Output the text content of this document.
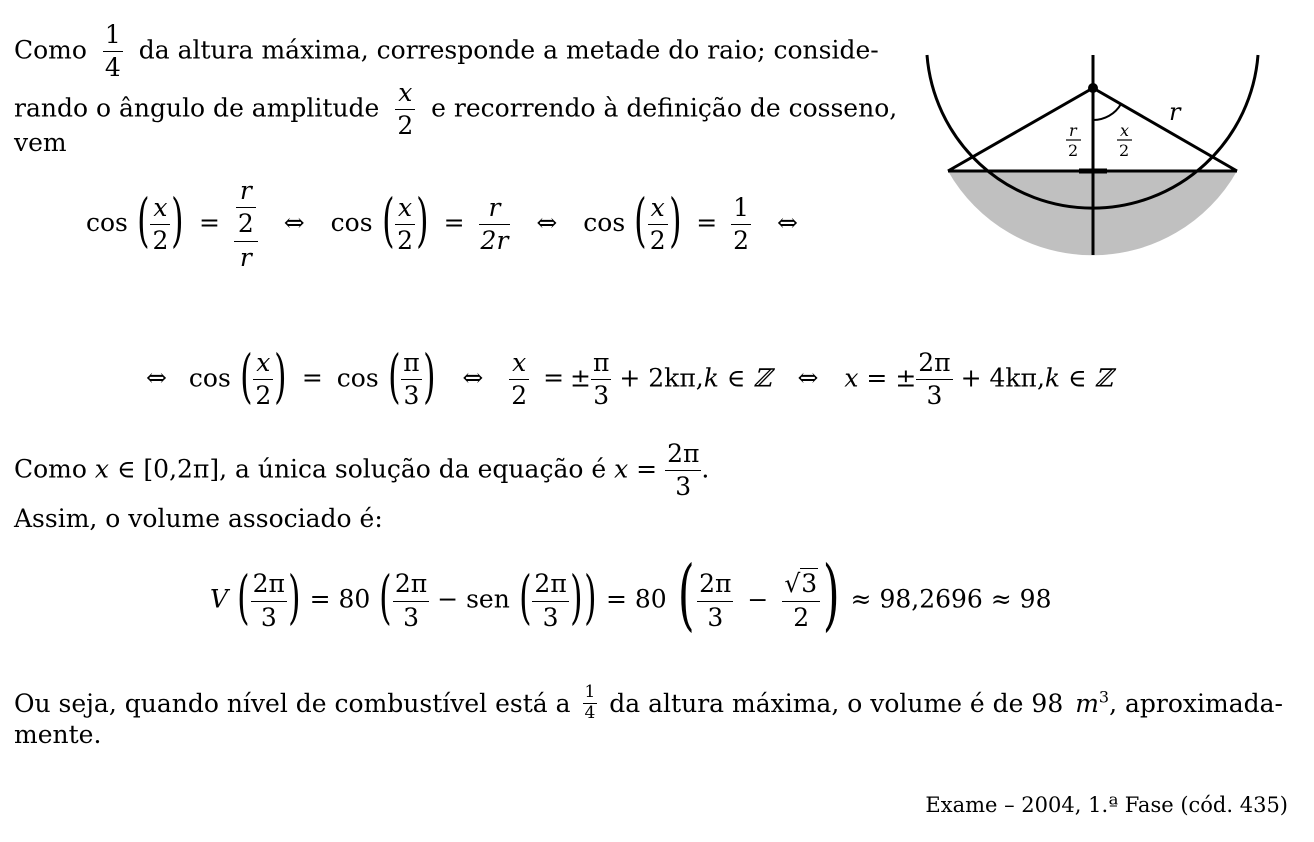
Como $\frac{1}{4}$ da altura máxima, corresponde a metade do raio; conside-
rando o ângulo de amplitude $\frac{x}{2}$ e recorrendo à definição de cosseno,
vem
cos ( $\frac{x}{2}$ ) = $\frac{\frac{r}{2}}{r}$ ⇔ cos ( $\frac{x}{2}$ ) = $\frac{r}{2r}$ ⇔ cos ( $\frac{x}{2}$ ) = $\frac{1}{2}$ ⇔
⇔ cos ( $\frac{x}{2}$ ) = cos ( $\frac{\pi}{3}$ ) ⇔ $\frac{x}{2}$ = ± $\frac{\pi}{3} + 2k\pi,k$ ∈ ℤ ⇔ x = ± $\frac{2\pi}{3} + 4k\pi,k$ ∈ ℤ
Como x ∈ [0,2π], a única solução da equação é $x = \frac{2\pi}{3}$ .
Assim, o volume associado é:
V ( $\frac{2\pi}{3}$ ) = 80 ( $\frac{2\pi}{3}$ − sen ( $\frac{2\pi}{3}$ )) = 80 ( $\frac{2\pi}{3} - \frac{√3}{2}$ ) ≈ 98,2696 ≈ 98
Ou seja, quando nível de combustível está a $\frac{1}{4}$ da altura máxima, o volume é de 98 $m^3$, aproximada-
mente.
Exame – 2004, 1.ª Fase (cód. 435)
r
r
2
x
2
